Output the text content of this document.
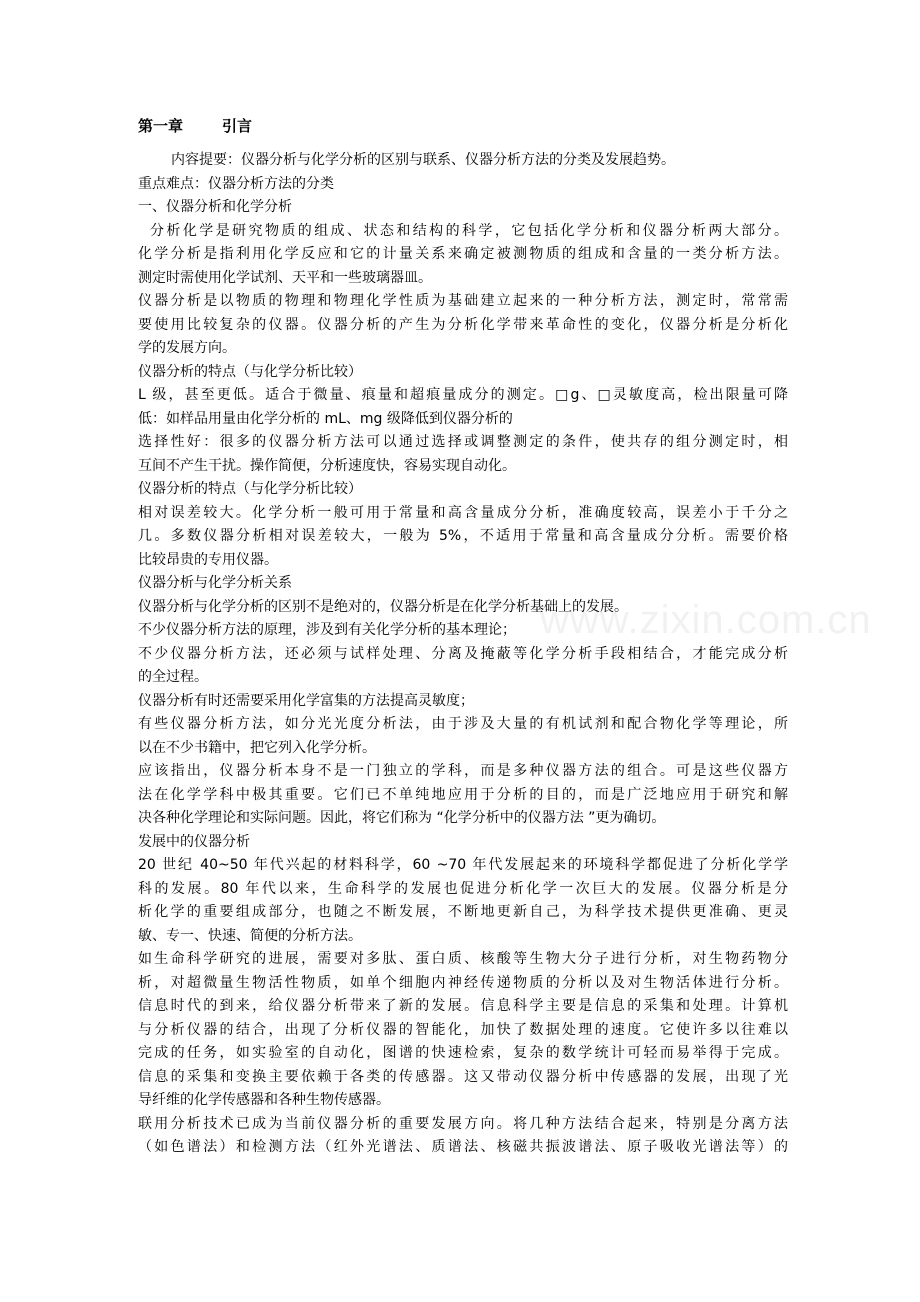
www.zixin.com.cn
第一章	引言
内容提要：仪器分析与化学分析的区别与联系、仪器分析方法的分类及发展趋势。
重点难点：仪器分析方法的分类
一、仪器分析和化学分析
分析化学是研究物质的组成、状态和结构的科学，它包括化学分析和仪器分析两大部分。
化学分析是指利用化学反应和它的计量关系来确定被测物质的组成和含量的一类分析方法。
测定时需使用化学试剂、天平和一些玻璃器皿。
仪器分析是以物质的物理和物理化学性质为基础建立起来的一种分析方法，测定时，常常需
要使用比较复杂的仪器。仪器分析的产生为分析化学带来革命性的变化，仪器分析是分析化
学的发展方向。
仪器分析的特点（与化学分析比较）
L 级，甚至更低。适合于微量、痕量和超痕量成分的测定。□g、□灵敏度高，检出限量可降
低：如样品用量由化学分析的 mL、mg 级降低到仪器分析的
选择性好：很多的仪器分析方法可以通过选择或调整测定的条件，使共存的组分测定时，相
互间不产生干扰。操作简便，分析速度快，容易实现自动化。
仪器分析的特点（与化学分析比较）
相对误差较大。化学分析一般可用于常量和高含量成分分析，准确度较高，误差小于千分之
几。多数仪器分析相对误差较大，一般为 5%，不适用于常量和高含量成分分析。需要价格
比较昂贵的专用仪器。
仪器分析与化学分析关系
仪器分析与化学分析的区别不是绝对的，仪器分析是在化学分析基础上的发展。
不少仪器分析方法的原理，涉及到有关化学分析的基本理论；
不少仪器分析方法，还必须与试样处理、分离及掩蔽等化学分析手段相结合，才能完成分析
的全过程。
仪器分析有时还需要采用化学富集的方法提高灵敏度；
有些仪器分析方法，如分光光度分析法，由于涉及大量的有机试剂和配合物化学等理论，所
以在不少书籍中，把它列入化学分析。
应该指出，仪器分析本身不是一门独立的学科，而是多种仪器方法的组合。可是这些仪器方
法在化学学科中极其重要。它们已不单纯地应用于分析的目的，而是广泛地应用于研究和解
决各种化学理论和实际问题。因此，将它们称为 “化学分析中的仪器方法 ”更为确切。
发展中的仪器分析
20 世纪 40~50 年代兴起的材料科学，60 ~70 年代发展起来的环境科学都促进了分析化学学
科的发展。80 年代以来，生命科学的发展也促进分析化学一次巨大的发展。仪器分析是分
析化学的重要组成部分，也随之不断发展，不断地更新自己，为科学技术提供更准确、更灵
敏、专一、快速、简便的分析方法。
如生命科学研究的进展，需要对多肽、蛋白质、核酸等生物大分子进行分析，对生物药物分
析，对超微量生物活性物质，如单个细胞内神经传递物质的分析以及对生物活体进行分析。
信息时代的到来，给仪器分析带来了新的发展。信息科学主要是信息的采集和处理。计算机
与分析仪器的结合，出现了分析仪器的智能化，加快了数据处理的速度。它使许多以往难以
完成的任务，如实验室的自动化，图谱的快速检索，复杂的数学统计可轻而易举得于完成。
信息的采集和变换主要依赖于各类的传感器。这又带动仪器分析中传感器的发展，出现了光
导纤维的化学传感器和各种生物传感器。
联用分析技术已成为当前仪器分析的重要发展方向。将几种方法结合起来，特别是分离方法
（如色谱法）和检测方法（红外光谱法、质谱法、核磁共振波谱法、原子吸收光谱法等）的
